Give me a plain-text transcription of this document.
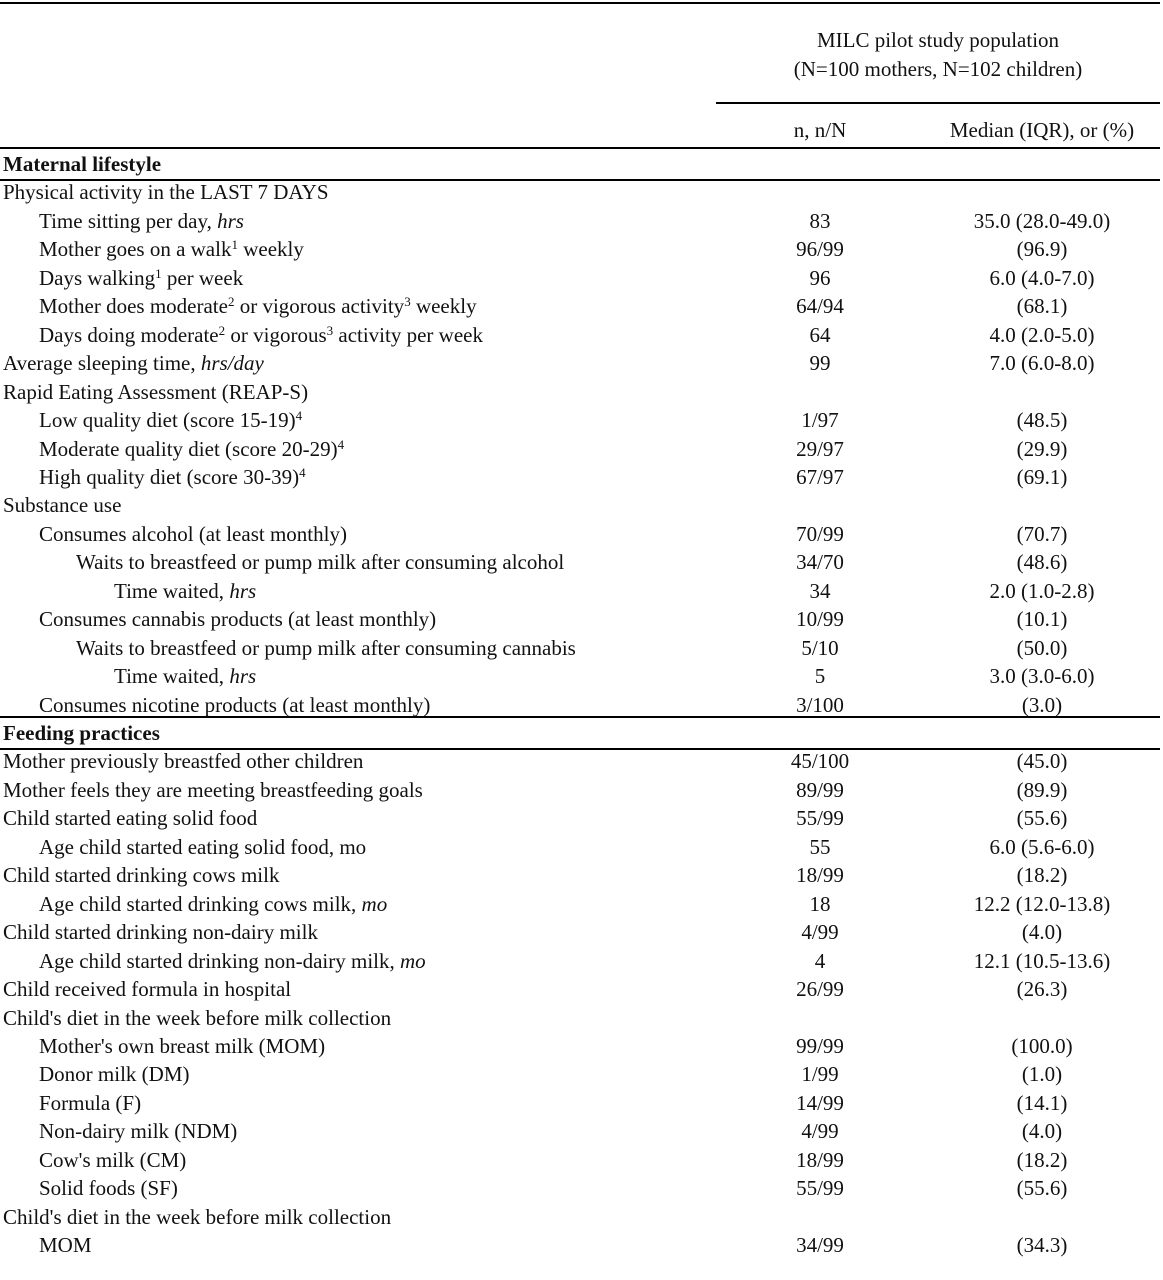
MILC pilot study population
(N=100 mothers, N=102 children)
n, n/N	Median (IQR), or (%)
Maternal lifestyle
Physical activity in the LAST 7 DAYS
Time sitting per day, hrs	83	35.0 (28.0-49.0)
Mother goes on a walk$^1$ weekly	96/99	(96.9)
Days walking$^1$ per week	96	6.0 (4.0-7.0)
Mother does moderate$^2$ or vigorous activity$^3$ weekly	64/94	(68.1)
Days doing moderate$^2$ or vigorous$^3$ activity per week	64	4.0 (2.0-5.0)
Average sleeping time, hrs/day	99	7.0 (6.0-8.0)
Rapid Eating Assessment (REAP-S)
Low quality diet (score 15-19)$^4$	1/97	(48.5)
Moderate quality diet (score 20-29)$^4$	29/97	(29.9)
High quality diet (score 30-39)$^4$	67/97	(69.1)
Substance use
Consumes alcohol (at least monthly)	70/99	(70.7)
Waits to breastfeed or pump milk after consuming alcohol	34/70	(48.6)
Time waited, hrs	34	2.0 (1.0-2.8)
Consumes cannabis products (at least monthly)	10/99	(10.1)
Waits to breastfeed or pump milk after consuming cannabis	5/10	(50.0)
Time waited, hrs	5	3.0 (3.0-6.0)
Consumes nicotine products (at least monthly)	3/100	(3.0)
Feeding practices
Mother previously breastfed other children	45/100	(45.0)
Mother feels they are meeting breastfeeding goals	89/99	(89.9)
Child started eating solid food	55/99	(55.6)
Age child started eating solid food, mo	55	6.0 (5.6-6.0)
Child started drinking cows milk	18/99	(18.2)
Age child started drinking cows milk, mo	18	12.2 (12.0-13.8)
Child started drinking non-dairy milk	4/99	(4.0)
Age child started drinking non-dairy milk, mo	4	12.1 (10.5-13.6)
Child received formula in hospital	26/99	(26.3)
Child's diet in the week before milk collection
Mother's own breast milk (MOM)	99/99	(100.0)
Donor milk (DM)	1/99	(1.0)
Formula (F)	14/99	(14.1)
Non-dairy milk (NDM)	4/99	(4.0)
Cow's milk (CM)	18/99	(18.2)
Solid foods (SF)	55/99	(55.6)
Child's diet in the week before milk collection
MOM	34/99	(34.3)
